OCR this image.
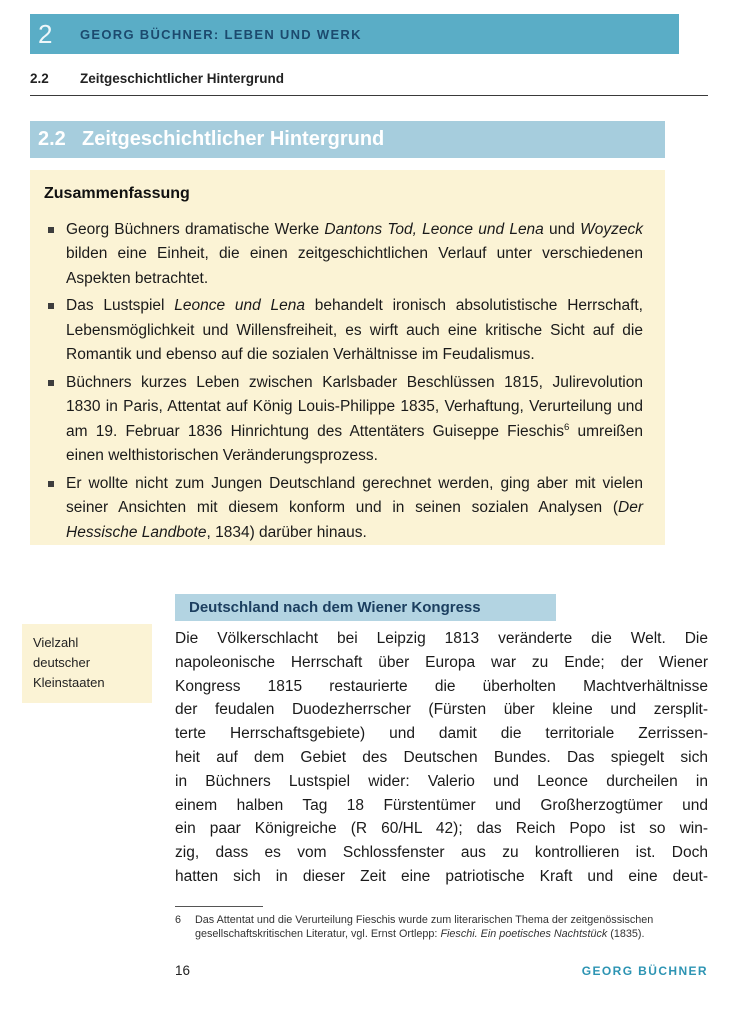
2	GEORG BÜCHNER: LEBEN UND WERK
2.2 Zeitgeschichtlicher Hintergrund
2.2 Zeitgeschichtlicher Hintergrund
Zusammenfassung
Georg Büchners dramatische Werke Dantons Tod, Leonce und Lena und Woyzeck bilden eine Einheit, die einen zeitgeschichtlichen Verlauf unter verschiedenen Aspekten betrachtet.
Das Lustspiel Leonce und Lena behandelt ironisch absolutistische Herrschaft, Lebensmöglichkeit und Willensfreiheit, es wirft auch eine kritische Sicht auf die Romantik und ebenso auf die sozialen Verhältnisse im Feudalismus.
Büchners kurzes Leben zwischen Karlsbader Beschlüssen 1815, Julirevolution 1830 in Paris, Attentat auf König Louis-Philippe 1835, Verhaftung, Verurteilung und am 19. Februar 1836 Hinrichtung des Attentäters Guiseppe Fieschis$^6$ umreißen einen welthistorischen Veränderungsprozess.
Er wollte nicht zum Jungen Deutschland gerechnet werden, ging aber mit vielen seiner Ansichten mit diesem konform und in seinen sozialen Analysen (Der Hessische Landbote, 1834) darüber hinaus.
Deutschland nach dem Wiener Kongress
Vielzahl
deutscher
Kleinstaaten
Die Völkerschlacht bei Leipzig 1813 veränderte die Welt. Die
napoleonische Herrschaft über Europa war zu Ende; der Wiener
Kongress 1815 restaurierte die überholten Machtverhältnisse
der feudalen Duodezherrscher (Fürsten über kleine und zersplit-
terte Herrschaftsgebiete) und damit die territoriale Zerrissen-
heit auf dem Gebiet des Deutschen Bundes. Das spiegelt sich
in Büchners Lustspiel wider: Valerio und Leonce durcheilen in
einem halben Tag 18 Fürstentümer und Großherzogtümer und
ein paar Königreiche (R 60/HL 42); das Reich Popo ist so win-
zig, dass es vom Schlossfenster aus zu kontrollieren ist. Doch
hatten sich in dieser Zeit eine patriotische Kraft und eine deut-
6	Das Attentat und die Verurteilung Fieschis wurde zum literarischen Thema der zeitgenössischen gesellschaftskritischen Literatur, vgl. Ernst Ortlepp: Fieschi. Ein poetisches Nachtstück (1835).
16	GEORG BÜCHNER
